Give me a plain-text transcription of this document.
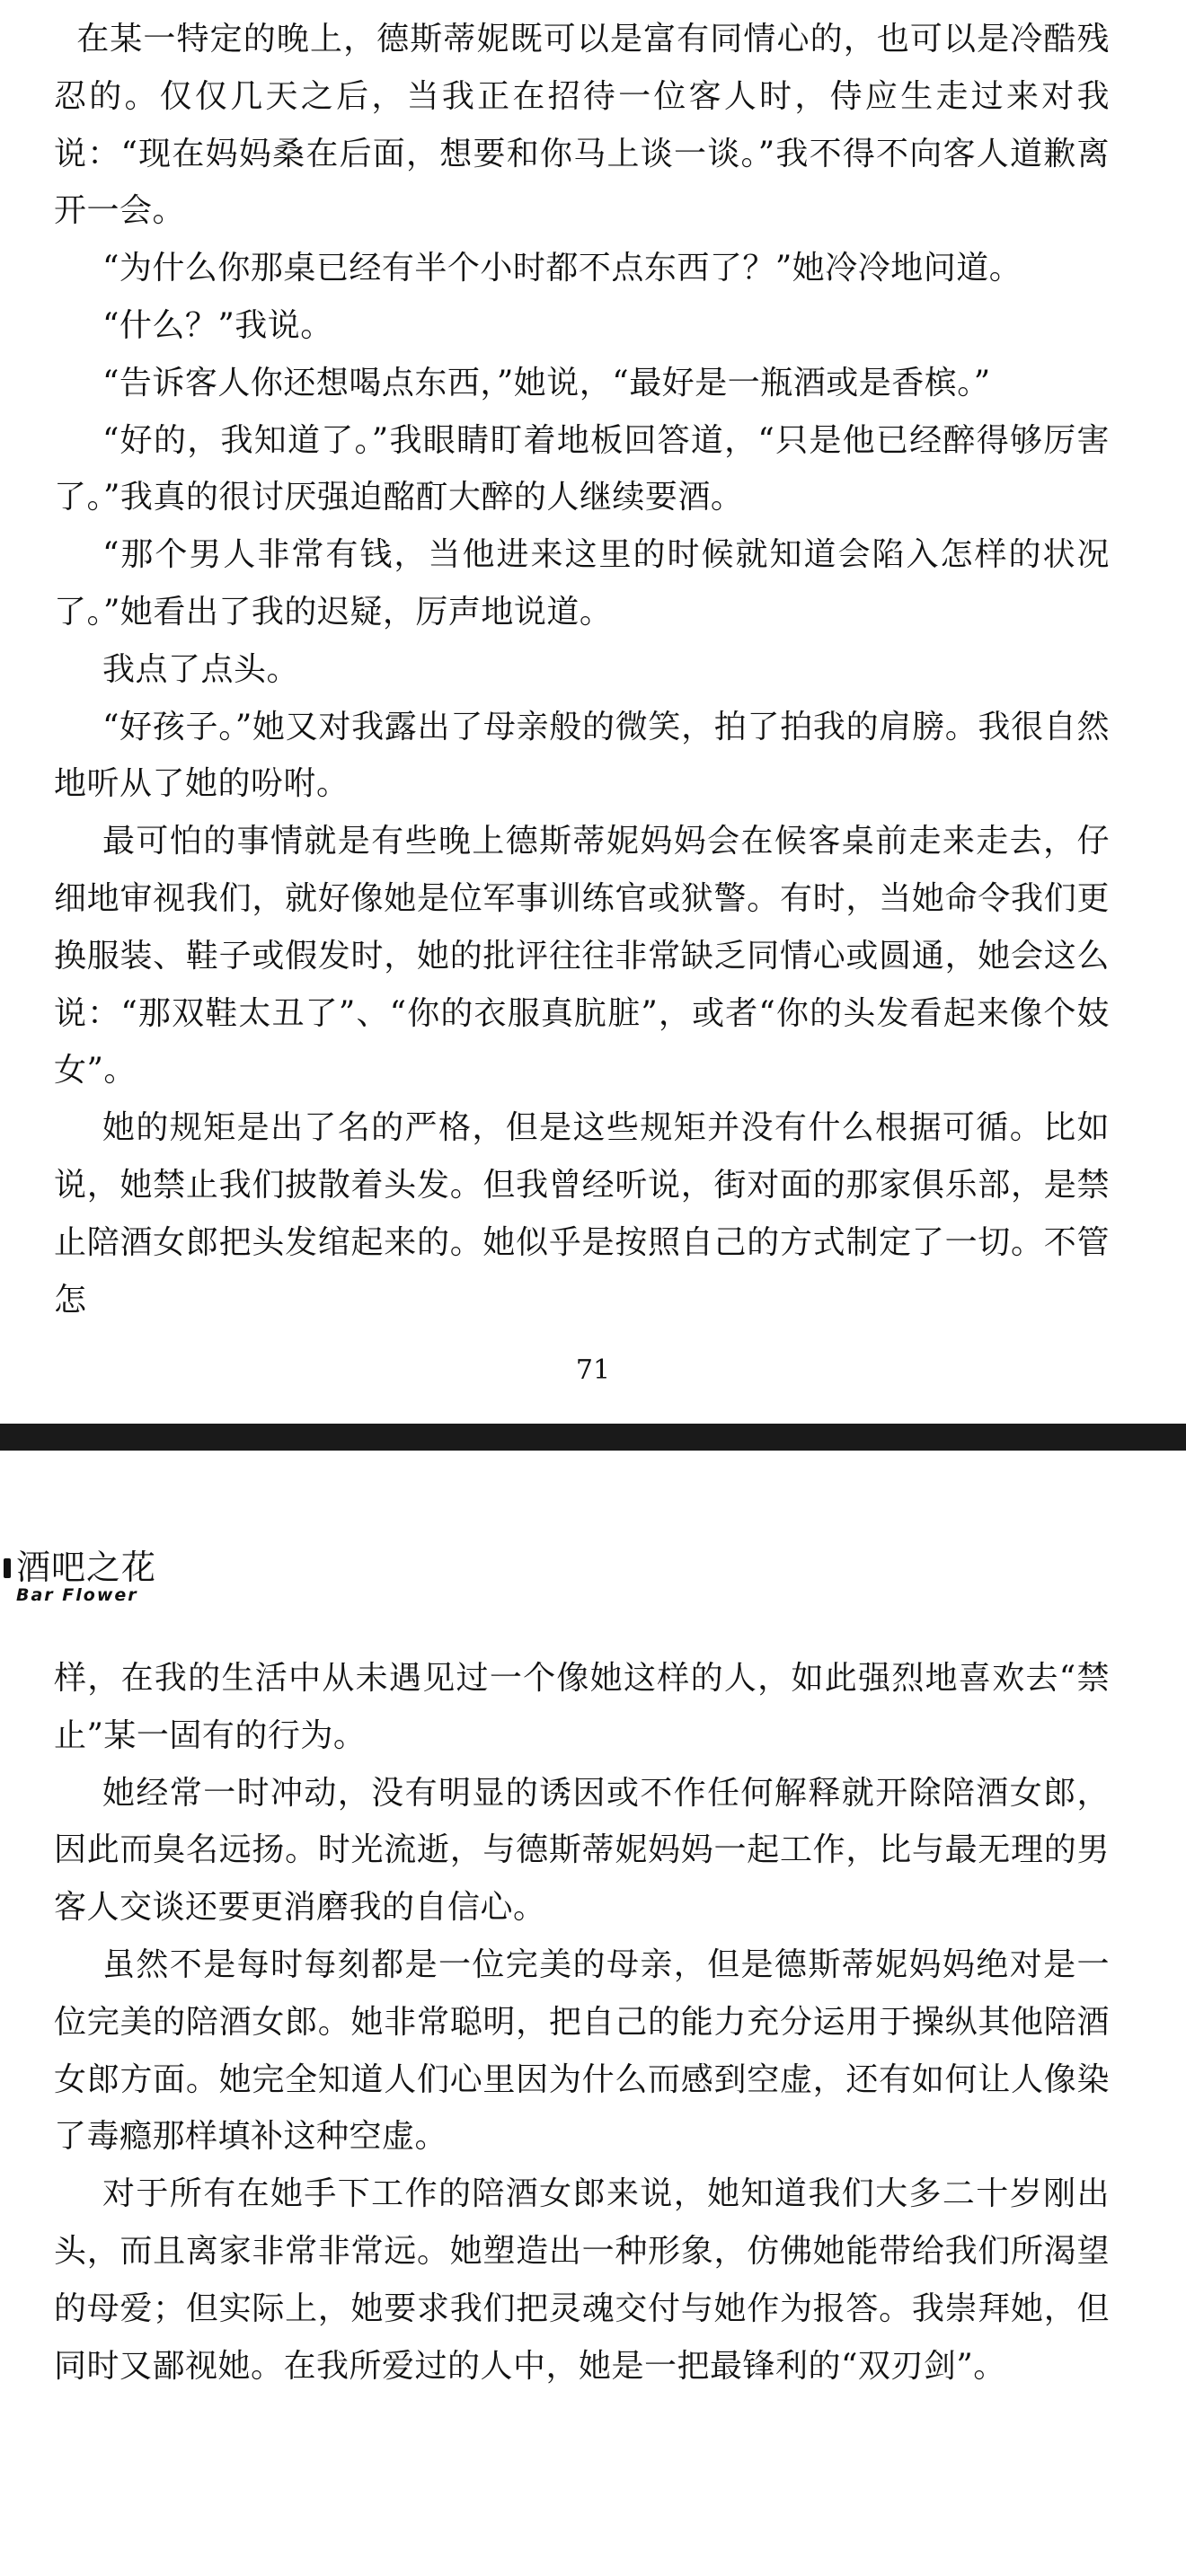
在某一特定的晚上，德斯蒂妮既可以是富有同情心的，也可以是冷酷残忍的。仅仅几天之后，当我正在招待一位客人时，侍应生走过来对我说：“现在妈妈桑在后面，想要和你马上谈一谈。”我不得不向客人道歉离开一会。

“为什么你那桌已经有半个小时都不点东西了？”她冷冷地问道。

“什么？”我说。

“告诉客人你还想喝点东西，”她说，“最好是一瓶酒或是香槟。”

“好的，我知道了。”我眼睛盯着地板回答道，“只是他已经醉得够厉害了。”我真的很讨厌强迫酩酊大醉的人继续要酒。

“那个男人非常有钱，当他进来这里的时候就知道会陷入怎样的状况了。”她看出了我的迟疑，厉声地说道。

我点了点头。

“好孩子。”她又对我露出了母亲般的微笑，拍了拍我的肩膀。我很自然地听从了她的吩咐。

最可怕的事情就是有些晚上德斯蒂妮妈妈会在候客桌前走来走去，仔细地审视我们，就好像她是位军事训练官或狱警。有时，当她命令我们更换服装、鞋子或假发时，她的批评往往非常缺乏同情心或圆通，她会这么说：“那双鞋太丑了”、“你的衣服真肮脏”，或者“你的头发看起来像个妓女”。

她的规矩是出了名的严格，但是这些规矩并没有什么根据可循。比如说，她禁止我们披散着头发。但我曾经听说，街对面的那家俱乐部，是禁止陪酒女郎把头发绾起来的。她似乎是按照自己的方式制定了一切。不管怎

71
酒吧之花
Bar Flower

样，在我的生活中从未遇见过一个像她这样的人，如此强烈地喜欢去“禁止”某一固有的行为。

她经常一时冲动，没有明显的诱因或不作任何解释就开除陪酒女郎，因此而臭名远扬。时光流逝，与德斯蒂妮妈妈一起工作，比与最无理的男客人交谈还要更消磨我的自信心。

虽然不是每时每刻都是一位完美的母亲，但是德斯蒂妮妈妈绝对是一位完美的陪酒女郎。她非常聪明，把自己的能力充分运用于操纵其他陪酒女郎方面。她完全知道人们心里因为什么而感到空虚，还有如何让人像染了毒瘾那样填补这种空虚。

对于所有在她手下工作的陪酒女郎来说，她知道我们大多二十岁刚出头，而且离家非常非常远。她塑造出一种形象，仿佛她能带给我们所渴望的母爱；但实际上，她要求我们把灵魂交付与她作为报答。我崇拜她，但同时又鄙视她。在我所爱过的人中，她是一把最锋利的“双刃剑”。
